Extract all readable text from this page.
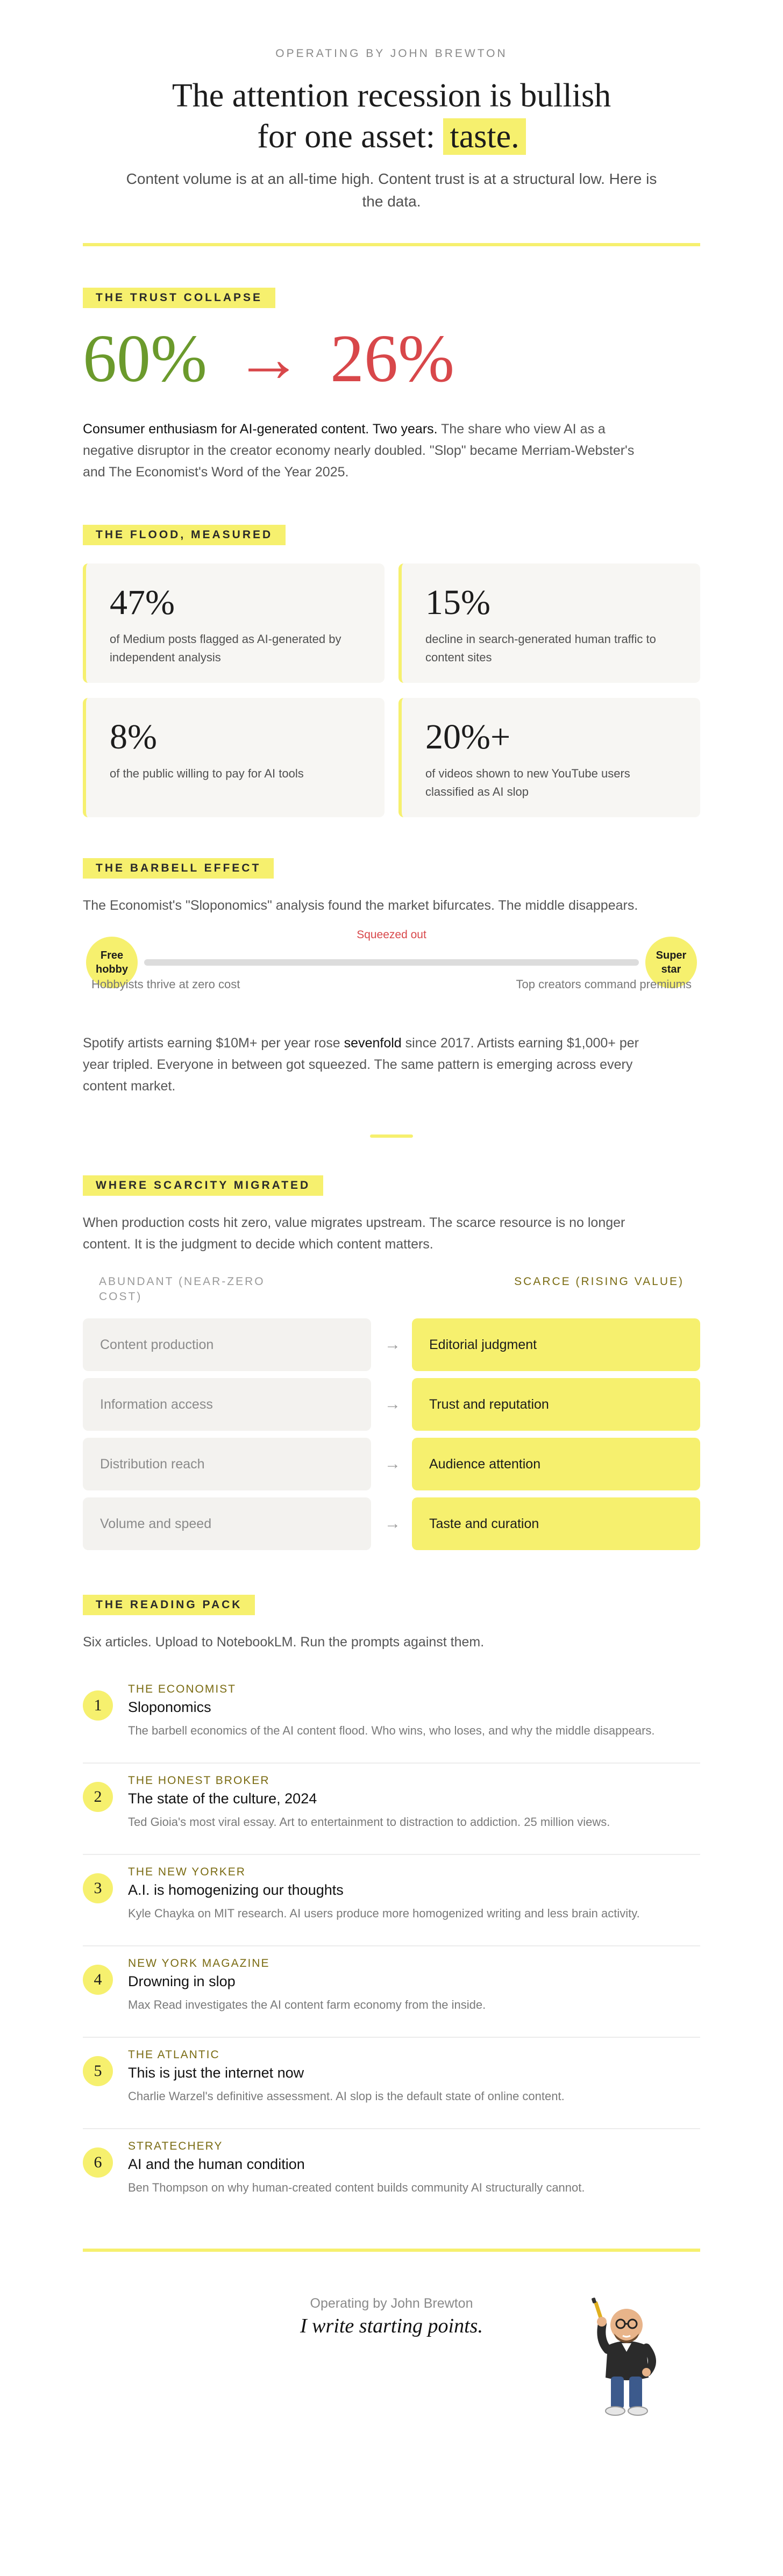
OPERATING BY JOHN BREWTON
The attention recession is bullish
for one asset: taste.
Content volume is at an all-time high. Content trust is at a structural low. Here is the data.
THE TRUST COLLAPSE
60% → 26%
Consumer enthusiasm for AI-generated content. Two years. The share who view AI as a negative disruptor in the creator economy nearly doubled. "Slop" became Merriam-Webster's and The Economist's Word of the Year 2025.
THE FLOOD, MEASURED
47%
of Medium posts flagged as AI-generated by independent analysis
15%
decline in search-generated human traffic to content sites
8%
of the public willing to pay for AI tools
20%+
of videos shown to new YouTube users classified as AI slop
THE BARBELL EFFECT
The Economist's "Sloponomics" analysis found the market bifurcates. The middle disappears.
Squeezed out
Free hobby
Super star
Hobbyists thrive at zero cost	Top creators command premiums
Spotify artists earning $10M+ per year rose sevenfold since 2017. Artists earning $1,000+ per year tripled. Everyone in between got squeezed. The same pattern is emerging across every content market.
WHERE SCARCITY MIGRATED
When production costs hit zero, value migrates upstream. The scarce resource is no longer content. It is the judgment to decide which content matters.
ABUNDANT (NEAR-ZERO COST)
SCARCE (RISING VALUE)
Content production	→	Editorial judgment
Information access	→	Trust and reputation
Distribution reach	→	Audience attention
Volume and speed	→	Taste and curation
THE READING PACK
Six articles. Upload to NotebookLM. Run the prompts against them.
1
THE ECONOMIST
Sloponomics
The barbell economics of the AI content flood. Who wins, who loses, and why the middle disappears.
2
THE HONEST BROKER
The state of the culture, 2024
Ted Gioia's most viral essay. Art to entertainment to distraction to addiction. 25 million views.
3
THE NEW YORKER
A.I. is homogenizing our thoughts
Kyle Chayka on MIT research. AI users produce more homogenized writing and less brain activity.
4
NEW YORK MAGAZINE
Drowning in slop
Max Read investigates the AI content farm economy from the inside.
5
THE ATLANTIC
This is just the internet now
Charlie Warzel's definitive assessment. AI slop is the default state of online content.
6
STRATECHERY
AI and the human condition
Ben Thompson on why human-created content builds community AI structurally cannot.
Operating by John Brewton
I write starting points.
